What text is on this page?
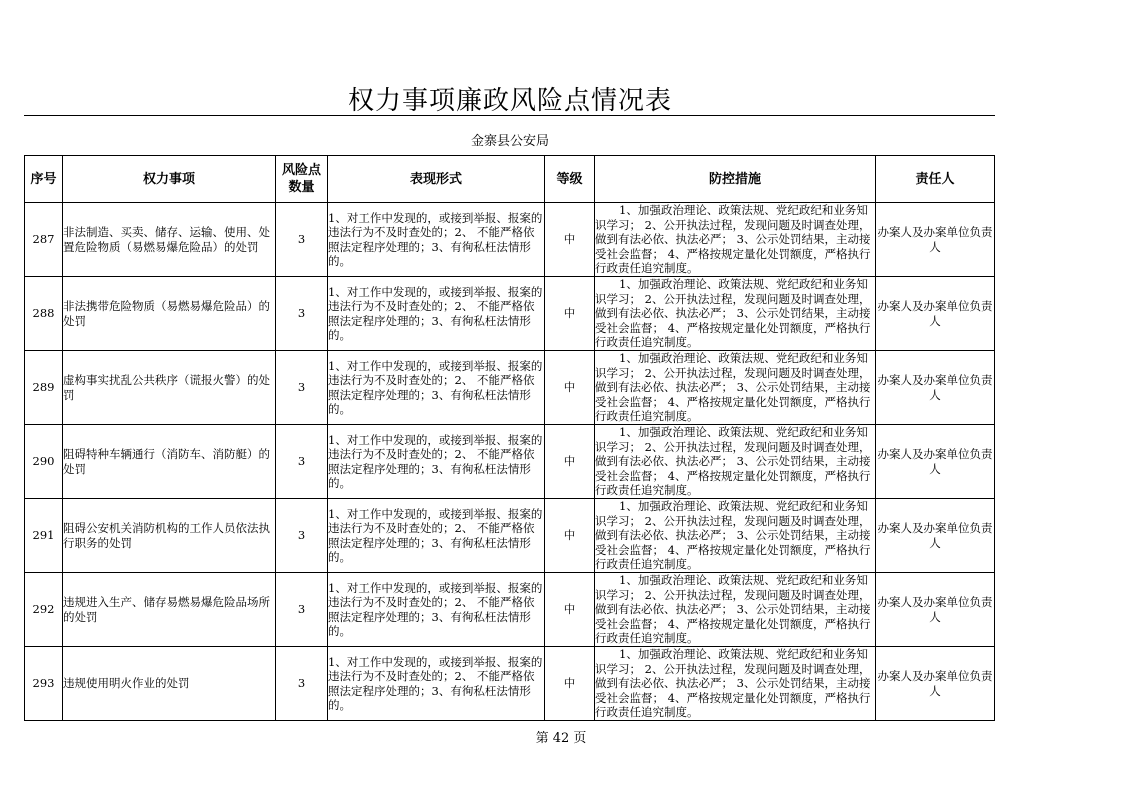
权力事项廉政风险点情况表
金寨县公安局
序号	权力事项	风险点数量	表现形式	等级	防控措施	责任人
287	非法制造、买卖、储存、运输、使用、处置危险物质（易燃易爆危险品）的处罚	3	1、对工作中发现的，或接到举报、报案的违法行为不及时查处的；2、 不能严格依照法定程序处理的；3、有徇私枉法情形的。	中	1、加强政治理论、政策法规、党纪政纪和业务知识学习； 2、公开执法过程，发现问题及时调查处理，做到有法必依、执法必严； 3、公示处罚结果，主动接受社会监督； 4、严格按规定量化处罚额度，严格执行行政责任追究制度。	办案人及办案单位负责人
288	非法携带危险物质（易燃易爆危险品）的处罚	3	1、对工作中发现的，或接到举报、报案的违法行为不及时查处的；2、 不能严格依照法定程序处理的；3、有徇私枉法情形的。	中	1、加强政治理论、政策法规、党纪政纪和业务知识学习； 2、公开执法过程，发现问题及时调查处理，做到有法必依、执法必严； 3、公示处罚结果，主动接受社会监督； 4、严格按规定量化处罚额度，严格执行行政责任追究制度。	办案人及办案单位负责人
289	虚构事实扰乱公共秩序（谎报火警）的处罚	3	1、对工作中发现的，或接到举报、报案的违法行为不及时查处的；2、 不能严格依照法定程序处理的；3、有徇私枉法情形的。	中	1、加强政治理论、政策法规、党纪政纪和业务知识学习； 2、公开执法过程，发现问题及时调查处理，做到有法必依、执法必严； 3、公示处罚结果，主动接受社会监督； 4、严格按规定量化处罚额度，严格执行行政责任追究制度。	办案人及办案单位负责人
290	阻碍特种车辆通行（消防车、消防艇）的处罚	3	1、对工作中发现的，或接到举报、报案的违法行为不及时查处的；2、 不能严格依照法定程序处理的；3、有徇私枉法情形的。	中	1、加强政治理论、政策法规、党纪政纪和业务知识学习； 2、公开执法过程，发现问题及时调查处理，做到有法必依、执法必严； 3、公示处罚结果，主动接受社会监督； 4、严格按规定量化处罚额度，严格执行行政责任追究制度。	办案人及办案单位负责人
291	阻碍公安机关消防机构的工作人员依法执行职务的处罚	3	1、对工作中发现的，或接到举报、报案的违法行为不及时查处的；2、 不能严格依照法定程序处理的；3、有徇私枉法情形的。	中	1、加强政治理论、政策法规、党纪政纪和业务知识学习； 2、公开执法过程，发现问题及时调查处理，做到有法必依、执法必严； 3、公示处罚结果，主动接受社会监督； 4、严格按规定量化处罚额度，严格执行行政责任追究制度。	办案人及办案单位负责人
292	违规进入生产、储存易燃易爆危险品场所的处罚	3	1、对工作中发现的，或接到举报、报案的违法行为不及时查处的；2、 不能严格依照法定程序处理的；3、有徇私枉法情形的。	中	1、加强政治理论、政策法规、党纪政纪和业务知识学习； 2、公开执法过程，发现问题及时调查处理，做到有法必依、执法必严； 3、公示处罚结果，主动接受社会监督； 4、严格按规定量化处罚额度，严格执行行政责任追究制度。	办案人及办案单位负责人
293	违规使用明火作业的处罚	3	1、对工作中发现的，或接到举报、报案的违法行为不及时查处的；2、 不能严格依照法定程序处理的；3、有徇私枉法情形的。	中	1、加强政治理论、政策法规、党纪政纪和业务知识学习； 2、公开执法过程，发现问题及时调查处理，做到有法必依、执法必严； 3、公示处罚结果，主动接受社会监督； 4、严格按规定量化处罚额度，严格执行行政责任追究制度。	办案人及办案单位负责人
第 42 页
